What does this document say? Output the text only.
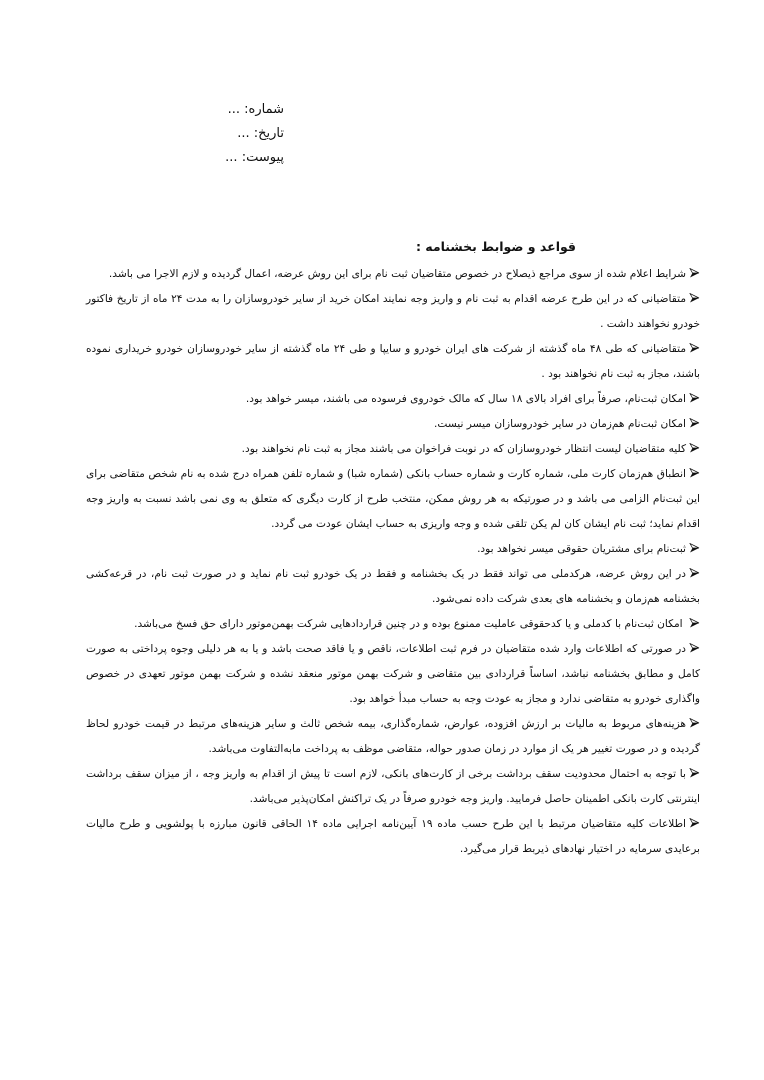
شماره: ...
تاریخ: ...
پیوست: ...
قواعد و ضوابط بخشنامه :

شرایط اعلام شده از سوی مراجع ذیصلاح در خصوص متقاضیان ثبت نام برای این روش عرضه، اعمال گردیده و لازم الاجرا می باشد.

متقاضیانی که در این طرح عرضه اقدام به ثبت نام و واریز وجه نمایند امکان خرید از سایر خودروسازان را به مدت ۲۴ ماه از تاریخ فاکتور خودرو نخواهند داشت .

متقاضیانی که طی ۴۸ ماه گذشته از شرکت های ایران خودرو و سایپا و طی ۲۴ ماه گذشته از سایر خودروسازان خودرو خریداری نموده باشند، مجاز به ثبت نام نخواهند بود .

امکان ثبت‌نام، صرفاً برای افراد بالای ۱۸ سال که مالک خودروی فرسوده می باشند، میسر خواهد بود.

امکان ثبت‌نام هم‌زمان در سایر خودروسازان میسر نیست.

کلیه متقاضیان لیست انتظار خودروسازان که در نوبت فراخوان می باشند مجاز به ثبت نام نخواهند بود.

انطباق هم‌زمان کارت ملی، شماره کارت و شماره حساب بانکی (شماره شبا) و شماره تلفن همراه درج شده به نام شخص متقاضی برای این ثبت‌نام الزامی می باشد و در صورتیکه به هر روش ممکن، منتخب طرح از کارت دیگری که متعلق به وی نمی باشد نسبت به واریز وجه اقدام نماید؛ ثبت نام ایشان کان لم یکن تلقی شده و وجه واریزی به حساب ایشان عودت می گردد.

ثبت‌نام برای مشتریان حقوقی میسر نخواهد بود.

در این روش عرضه، هرکدملی می تواند فقط در یک بخشنامه و فقط در یک خودرو ثبت نام نماید و در صورت ثبت نام، در قرعه‌کشی بخشنامه هم‌زمان و بخشنامه های بعدی شرکت داده نمی‌شود.

امکان ثبت‌نام با کدملی و یا کدحقوقی عاملیت ممنوع بوده و در چنین قراردادهایی شرکت بهمن‌موتور دارای حق فسخ می‌باشد.

در صورتی که اطلاعات وارد شده متقاضیان در فرم ثبت اطلاعات، ناقص و یا فاقد صحت باشد و یا به هر دلیلی وجوه پرداختی به صورت کامل و مطابق بخشنامه نباشد، اساساً قراردادی بین متقاضی و شرکت بهمن موتور منعقد نشده و شرکت بهمن موتور تعهدی در خصوص واگذاری خودرو به متقاضی ندارد و مجاز به عودت وجه به حساب مبدأ خواهد بود.

هزینه‌های مربوط به مالیات بر ارزش افزوده، عوارض، شماره‌گذاری، بیمه شخص ثالث و سایر هزینه‌های مرتبط در قیمت خودرو لحاظ گردیده و در صورت تغییر هر یک از موارد در زمان صدور حواله، متقاضی موظف به پرداخت مابه‌التفاوت می‌باشد.

با توجه به احتمال محدودیت سقف برداشت برخی از کارت‌های بانکی، لازم است تا پیش از اقدام به واریز وجه ، از میزان سقف برداشت اینترنتی کارت بانکی اطمینان حاصل فرمایید. واریز وجه خودرو صرفاً در یک تراکنش امکان‌پذیر می‌باشد.

اطلاعات کلیه متقاضیان مرتبط با این طرح حسب ماده ۱۹ آیین‌نامه اجرایی ماده ۱۴ الحاقی قانون مبارزه با پولشویی و طرح مالیات برعایدی سرمایه در اختیار نهادهای ذیربط قرار می‌گیرد.
